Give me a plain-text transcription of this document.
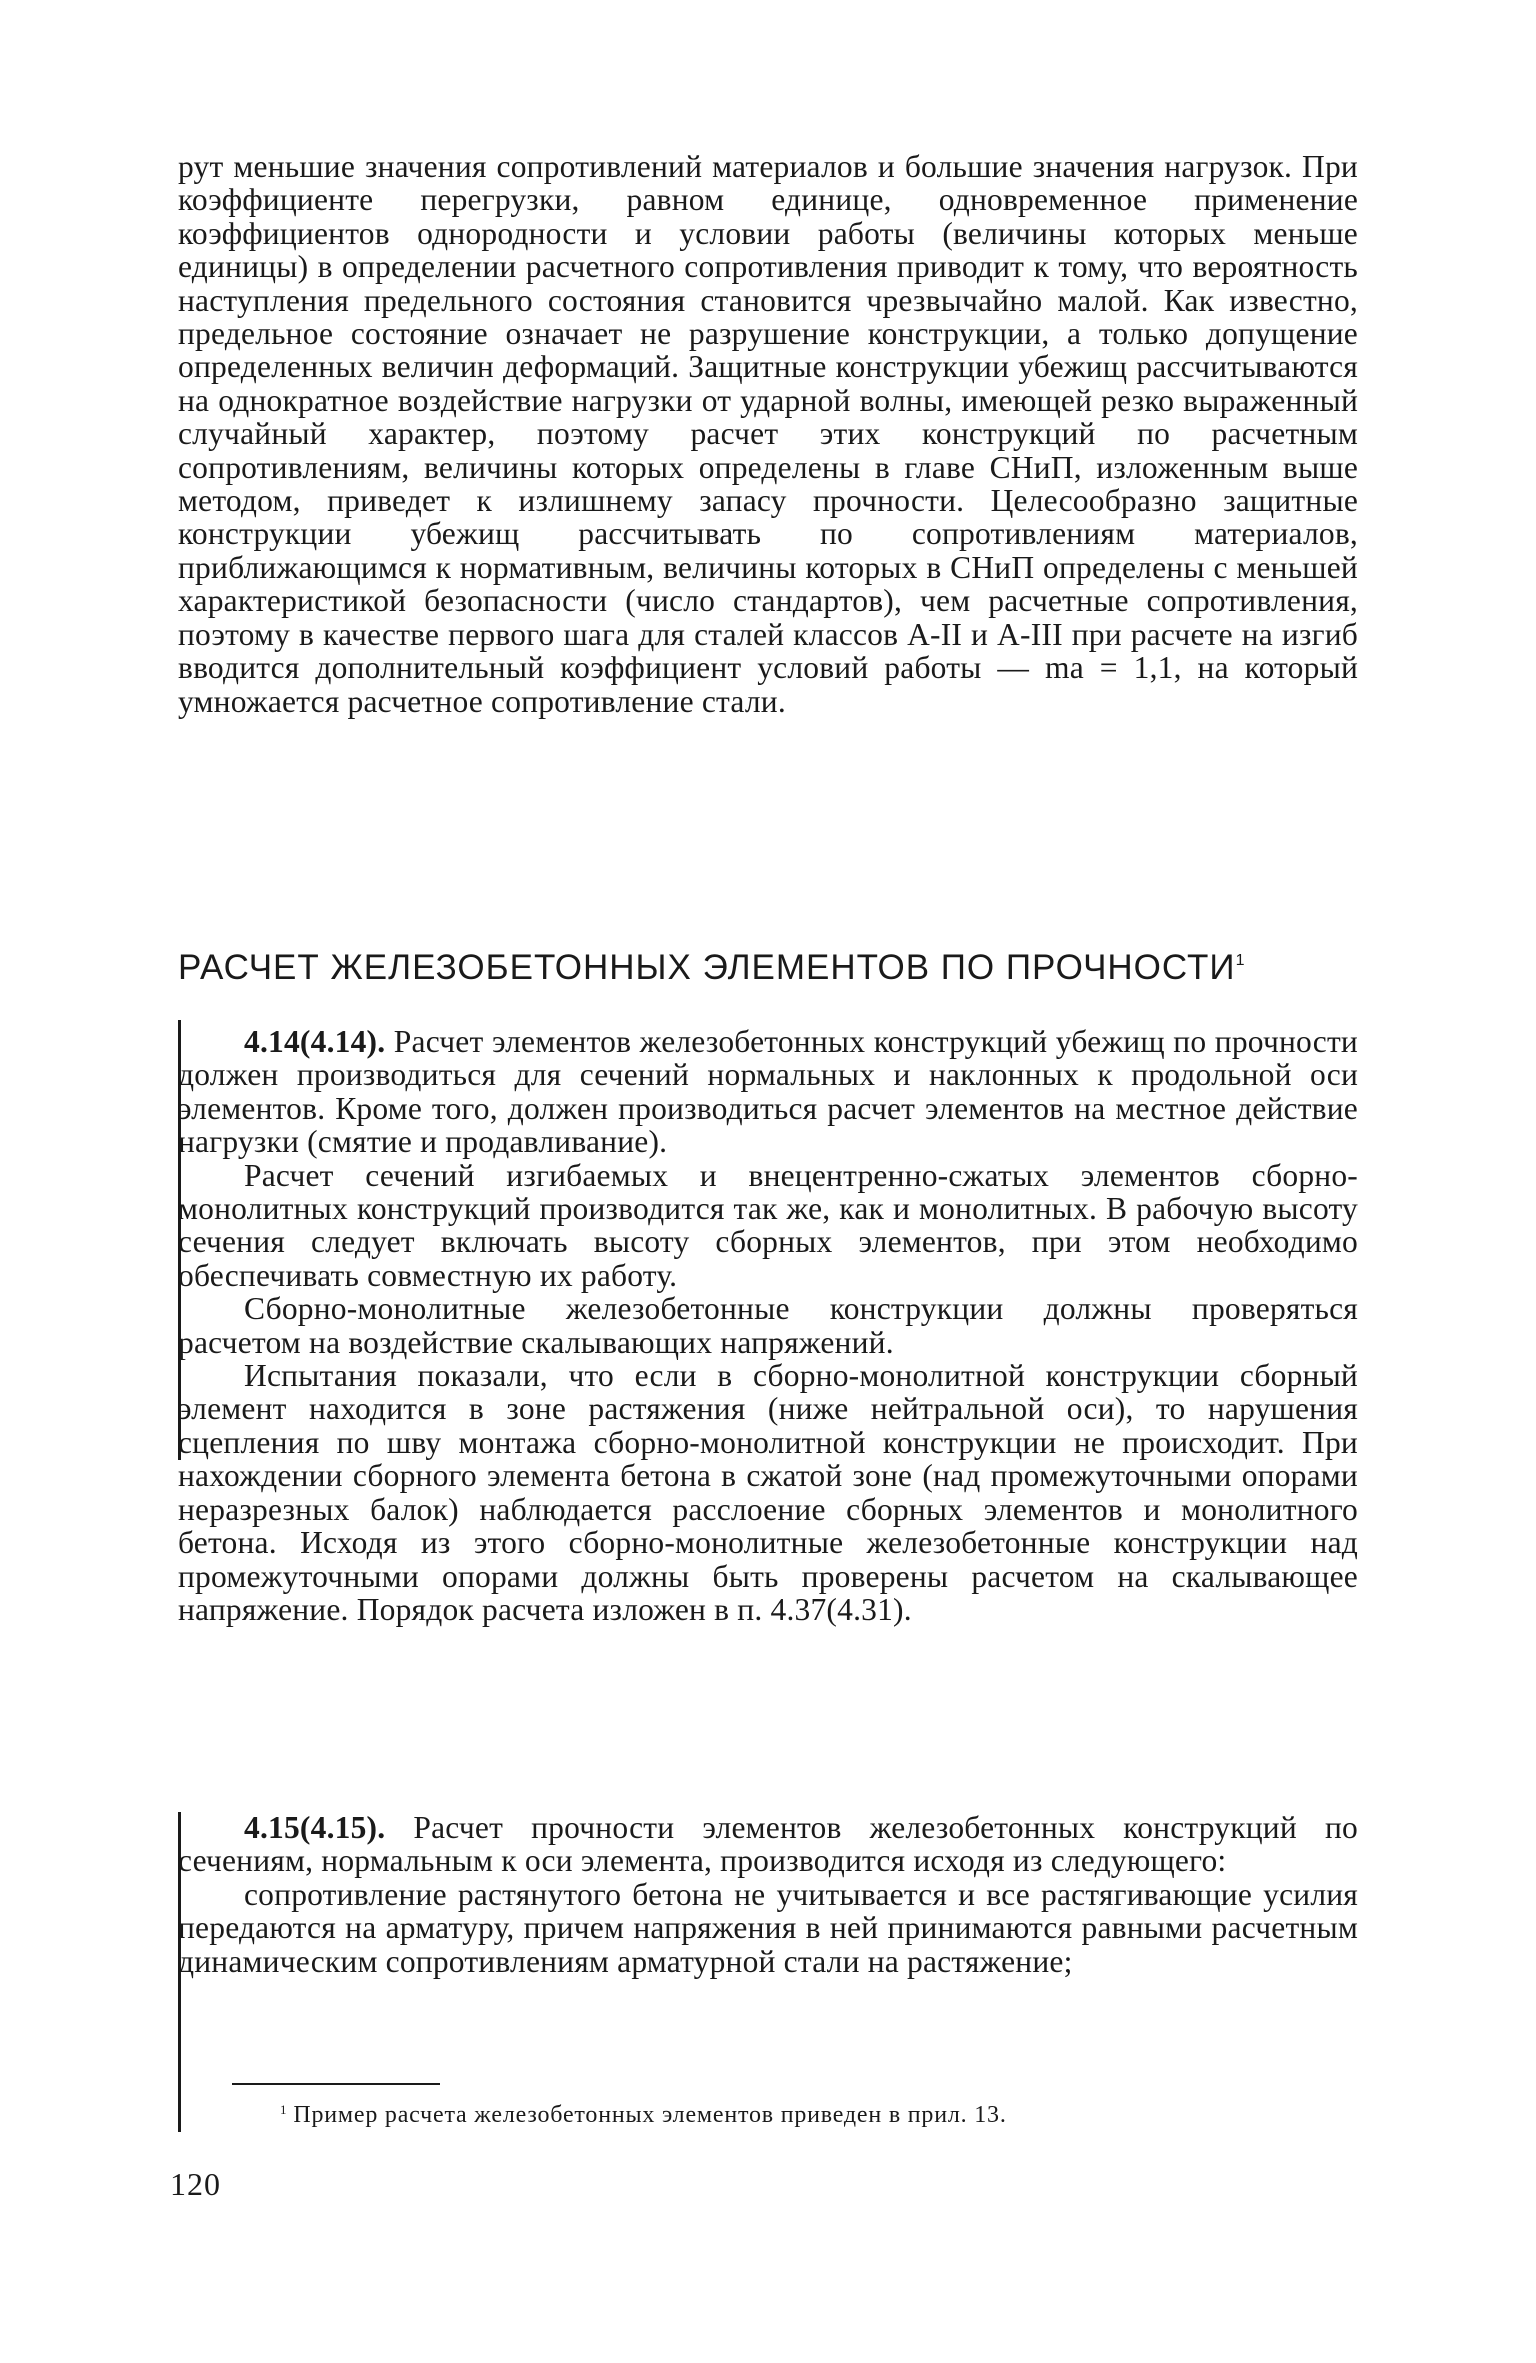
рут меньшие значения сопротивлений материалов и большие значения нагрузок. При коэффициенте перегрузки, равном единице, одновременное применение коэффициентов однородности и условии работы (величины которых меньше единицы) в определении расчетного сопротивления приводит к тому, что вероятность наступления предельного состояния становится чрезвычайно малой. Как известно, предельное состояние означает не разрушение конструкции, а только допущение определенных величин деформаций. Защитные конструкции убежищ рассчитываются на однократное воздействие нагрузки от ударной волны, имеющей резко выраженный случайный характер, поэтому расчет этих конструкций по расчетным сопротивлениям, величины которых определены в главе СНиП, изложенным выше методом, приведет к излишнему запасу прочности. Целесообразно защитные конструкции убежищ рассчитывать по сопротивлениям материалов, приближающимся к нормативным, величины которых в СНиП определены с меньшей характеристикой безопасности (число стандартов), чем расчетные сопротивления, поэтому в качестве первого шага для сталей классов А-II и А-III при расчете на изгиб вводится дополнительный коэффициент условий работы — mа = 1,1, на который умножается расчетное сопротивление стали.

РАСЧЕТ ЖЕЛЕЗОБЕТОННЫХ ЭЛЕМЕНТОВ ПО ПРОЧНОСТИ$^1$

4.14(4.14). Расчет элементов железобетонных конструкций убежищ по прочности должен производиться для сечений нормальных и наклонных к продольной оси элементов. Кроме того, должен производиться расчет элементов на местное действие нагрузки (смятие и продавливание).

Расчет сечений изгибаемых и внецентренно-сжатых элементов сборно-монолитных конструкций производится так же, как и монолитных. В рабочую высоту сечения следует включать высоту сборных элементов, при этом необходимо обеспечивать совместную их работу.

Сборно-монолитные железобетонные конструкции должны проверяться расчетом на воздействие скалывающих напряжений.

Испытания показали, что если в сборно-монолитной конструкции сборный элемент находится в зоне растяжения (ниже нейтральной оси), то нарушения сцепления по шву монтажа сборно-монолитной конструкции не происходит. При нахождении сборного элемента бетона в сжатой зоне (над промежуточными опорами неразрезных балок) наблюдается расслоение сборных элементов и монолитного бетона. Исходя из этого сборно-монолитные железобетонные конструкции над промежуточными опорами должны быть проверены расчетом на скалывающее напряжение. Порядок расчета изложен в п. 4.37(4.31).

4.15(4.15). Расчет прочности элементов железобетонных конструкций по сечениям, нормальным к оси элемента, производится исходя из следующего:

сопротивление растянутого бетона не учитывается и все растягивающие усилия передаются на арматуру, причем напряжения в ней принимаются равными расчетным динамическим сопротивлениям арматурной стали на растяжение;

$^1$ Пример расчета железобетонных элементов приведен в прил. 13.
120
